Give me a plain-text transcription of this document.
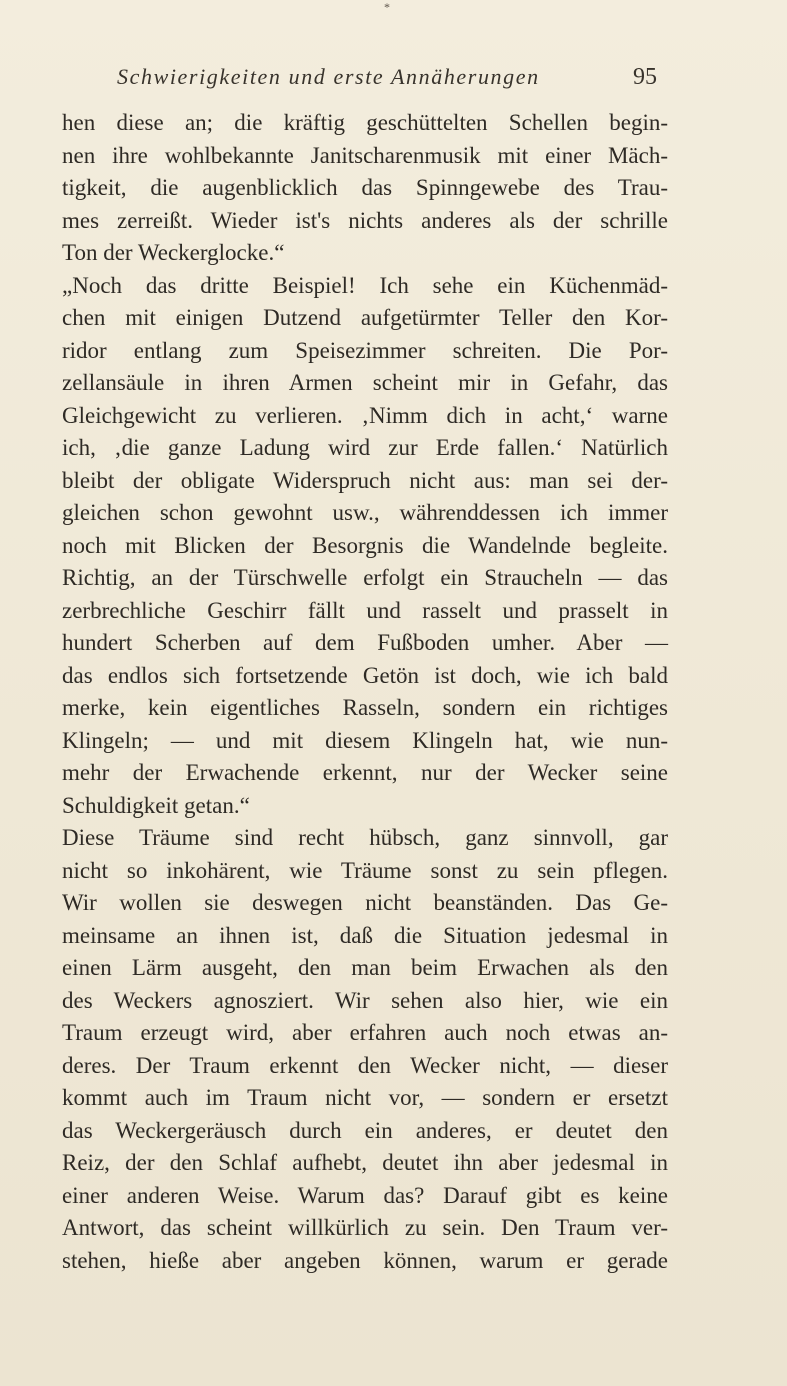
*
Schwierigkeiten und erste Annäherungen	95
hen diese an; die kräftig geschüttelten Schellen begin-
nen ihre wohlbekannte Janitscharenmusik mit einer Mäch-
tigkeit, die augenblicklich das Spinngewebe des Trau-
mes zerreißt. Wieder ist's nichts anderes als der schrille
Ton der Weckerglocke.“
„Noch das dritte Beispiel! Ich sehe ein Küchenmäd-
chen mit einigen Dutzend aufgetürmter Teller den Kor-
ridor entlang zum Speisezimmer schreiten. Die Por-
zellansäule in ihren Armen scheint mir in Gefahr, das
Gleichgewicht zu verlieren. ‚Nimm dich in acht,‘ warne
ich, ‚die ganze Ladung wird zur Erde fallen.‘ Natürlich
bleibt der obligate Widerspruch nicht aus: man sei der-
gleichen schon gewohnt usw., währenddessen ich immer
noch mit Blicken der Besorgnis die Wandelnde begleite.
Richtig, an der Türschwelle erfolgt ein Straucheln — das
zerbrechliche Geschirr fällt und rasselt und prasselt in
hundert Scherben auf dem Fußboden umher. Aber —
das endlos sich fortsetzende Getön ist doch, wie ich bald
merke, kein eigentliches Rasseln, sondern ein richtiges
Klingeln; — und mit diesem Klingeln hat, wie nun-
mehr der Erwachende erkennt, nur der Wecker seine
Schuldigkeit getan.“
Diese Träume sind recht hübsch, ganz sinnvoll, gar
nicht so inkohärent, wie Träume sonst zu sein pflegen.
Wir wollen sie deswegen nicht beanständen. Das Ge-
meinsame an ihnen ist, daß die Situation jedesmal in
einen Lärm ausgeht, den man beim Erwachen als den
des Weckers agnosziert. Wir sehen also hier, wie ein
Traum erzeugt wird, aber erfahren auch noch etwas an-
deres. Der Traum erkennt den Wecker nicht, — dieser
kommt auch im Traum nicht vor, — sondern er ersetzt
das Weckergeräusch durch ein anderes, er deutet den
Reiz, der den Schlaf aufhebt, deutet ihn aber jedesmal in
einer anderen Weise. Warum das? Darauf gibt es keine
Antwort, das scheint willkürlich zu sein. Den Traum ver-
stehen, hieße aber angeben können, warum er gerade
